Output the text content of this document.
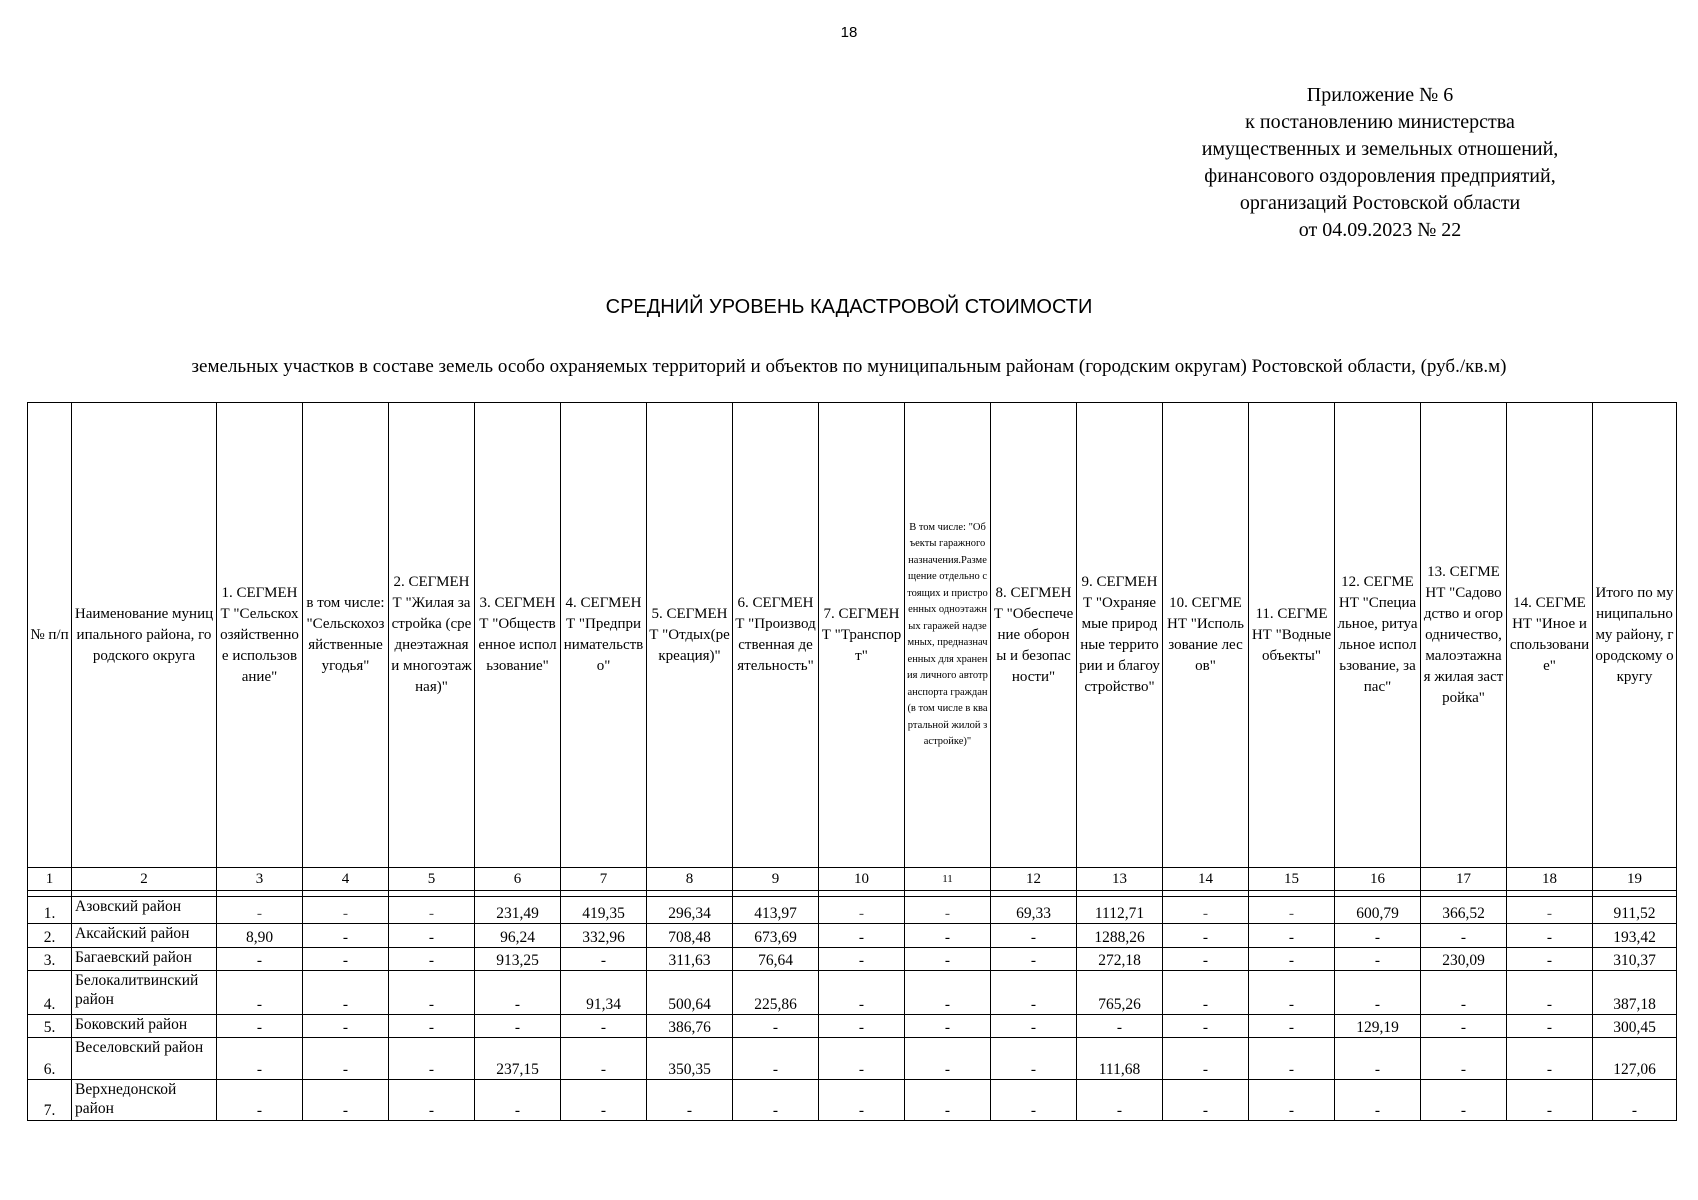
18
Приложение № 6
к постановлению министерства
имущественных и земельных отношений,
финансового оздоровления предприятий,
организаций Ростовской области
от 04.09.2023 № 22
СРЕДНИЙ УРОВЕНЬ КАДАСТРОВОЙ СТОИМОСТИ
земельных участков в составе земель особо охраняемых территорий и объектов по муниципальным районам (городским округам) Ростовской области, (руб./кв.м)
№ п/п	Наименование муниципального района, городского округа	1. СЕГМЕНТ "Сельскохозяйственное использование"	в том числе: "Сельскохозяйственные угодья"	2. СЕГМЕНТ "Жилая застройка (среднеэтажная и многоэтажная)"	3. СЕГМЕНТ "Общественное использование"	4. СЕГМЕНТ "Предпринимательство"	5. СЕГМЕНТ "Отдых(рекреация)"	6. СЕГМЕНТ "Производственная деятельность"	7. СЕГМЕНТ "Транспорт"	В том числе: "Объекты гаражного назначения.Размещение отдельно стоящих и пристроенных одноэтажных гаражей надземных, предназначенных для хранения личного автотранспорта граждан (в том числе в квартальной жилой застройке)"	8. СЕГМЕНТ "Обеспечение обороны и безопасности"	9. СЕГМЕНТ "Охраняемые природные территории и благоустройство"	10. СЕГМЕНТ "Использование лесов"	11. СЕГМЕНТ "Водные объекты"	12. СЕГМЕНТ "Специальное, ритуальное использование, запас"	13. СЕГМЕНТ "Садоводство и огородничество, малоэтажная жилая застройка"	14. СЕГМЕНТ "Иное использование"	Итого по муниципальному району, городскому округу
1	2	3	4	5	6	7	8	9	10	11	12	13	14	15	16	17	18	19

1.	Азовский район	-	-	-	231,49	419,35	296,34	413,97	-	-	69,33	1112,71	-	-	600,79	366,52	-	911,52
2.	Аксайский район	8,90	-	-	96,24	332,96	708,48	673,69	-	-	-	1288,26	-	-	-	-	-	193,42
3.	Багаевский район	-	-	-	913,25	-	311,63	76,64	-	-	-	272,18	-	-	-	230,09	-	310,37
4.	Белокалитвинский район	-	-	-	-	91,34	500,64	225,86	-	-	-	765,26	-	-	-	-	-	387,18
5.	Боковский район	-	-	-	-	-	386,76	-	-	-	-	-	-	-	129,19	-	-	300,45
6.	Веселовский район	-	-	-	237,15	-	350,35	-	-	-	-	111,68	-	-	-	-	-	127,06
7.	Верхнедонской район	-	-	-	-	-	-	-	-	-	-	-	-	-	-	-	-	-
